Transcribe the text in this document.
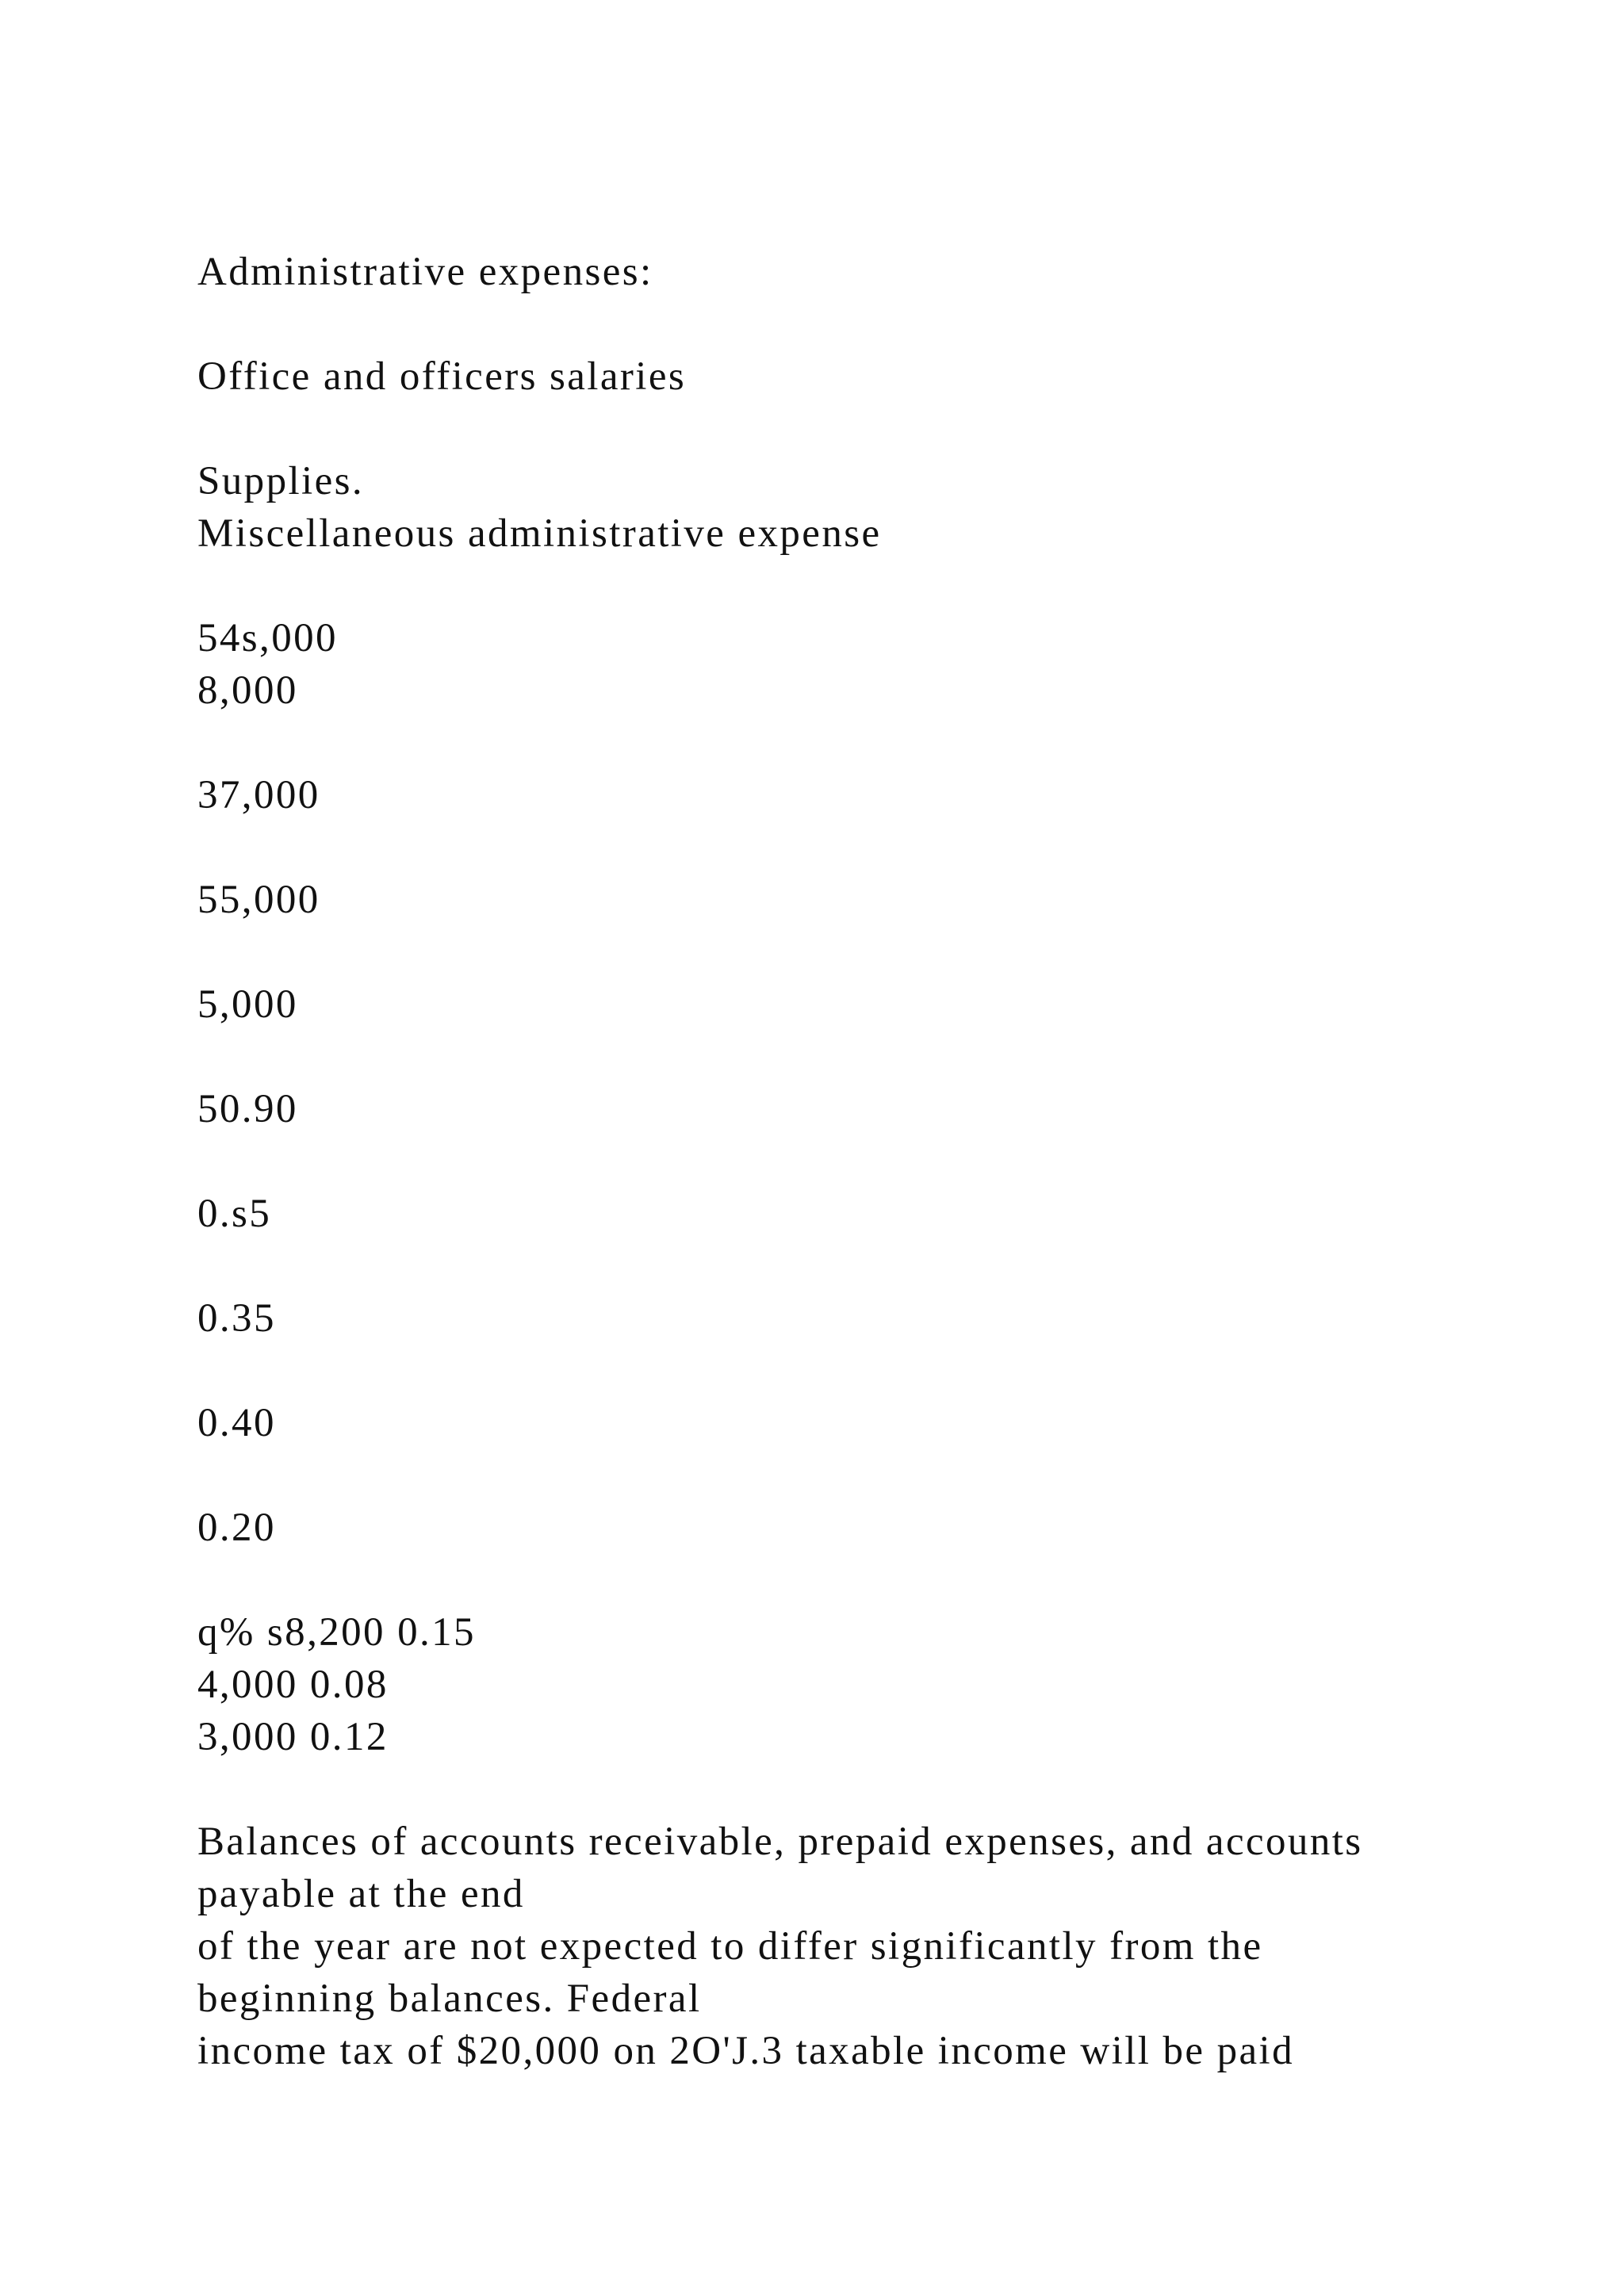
Administrative expenses:

Office and officers salaries

Supplies.

Miscellaneous administrative expense

54s,000

8,000

37,000

55,000

5,000

50.90

0.s5

0.35

0.40

0.20

q% s8,200 0.15

4,000 0.08

3,000 0.12

Balances of accounts receivable, prepaid expenses, and accounts

payable at the end

of the year are not expected to differ significantly from the

beginning balances. Federal

income tax of $20,000 on 2O'J.3 taxable income will be paid
